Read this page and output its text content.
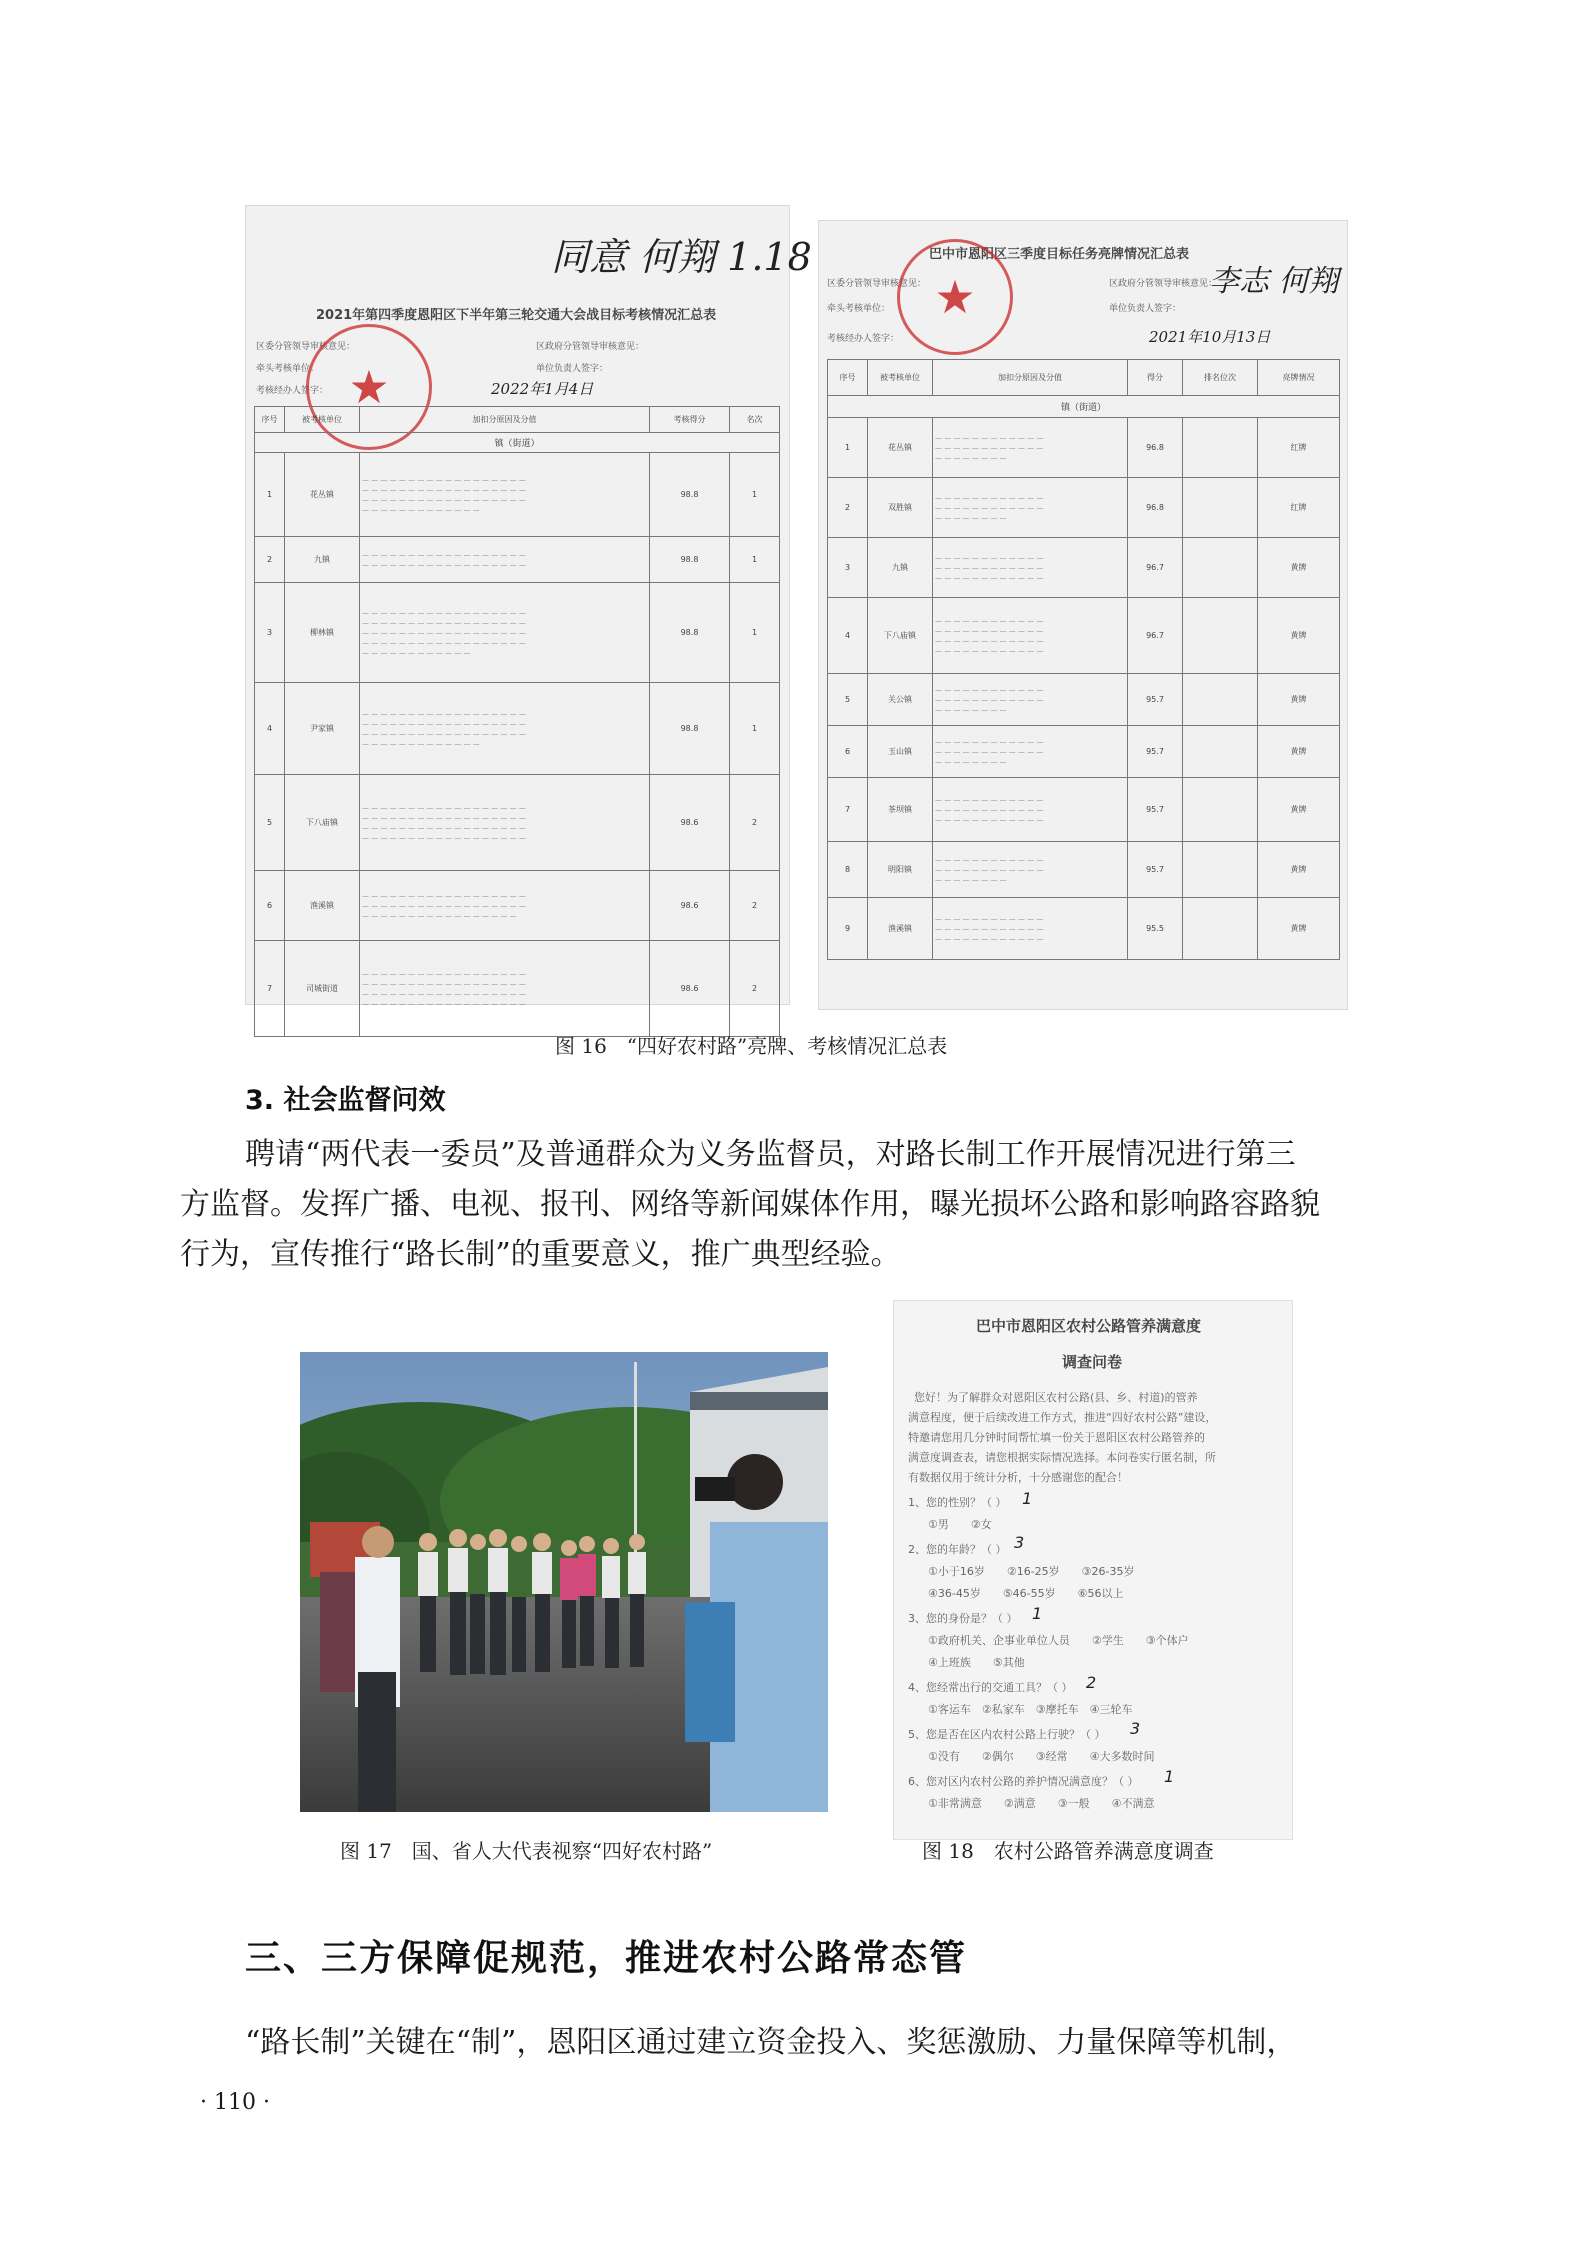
同意 何翔 1.18
2021年第四季度恩阳区下半年第三轮交通大会战目标考核情况汇总表
区委分管领导审核意见：
牵头考核单位：
考核经办人签字：
区政府分管领导审核意见：
单位负责人签字：
2022年1月4日
★
序号	被考核单位	加扣分原因及分值	考核得分	名次
镇（街道）				
1	花丛镇	— — — — — — — — — — — — — — — — — —
— — — — — — — — — — — — — — — — — —
— — — — — — — — — — — — — — — — — —
— — — — — — — — — — — — —	98.8	1
2	九镇	— — — — — — — — — — — — — — — — — —
— — — — — — — — — — — — — — — — — —	98.8	1
3	柳林镇	— — — — — — — — — — — — — — — — — —
— — — — — — — — — — — — — — — — — —
— — — — — — — — — — — — — — — — — —
— — — — — — — — — — — — — — — — — —
— — — — — — — — — — — —	98.8	1
4	尹家镇	— — — — — — — — — — — — — — — — — —
— — — — — — — — — — — — — — — — — —
— — — — — — — — — — — — — — — — — —
— — — — — — — — — — — — —	98.8	1
5	下八庙镇	— — — — — — — — — — — — — — — — — —
— — — — — — — — — — — — — — — — — —
— — — — — — — — — — — — — — — — — —
— — — — — — — — — — — — — — — — — —	98.6	2
6	渔溪镇	— — — — — — — — — — — — — — — — — —
— — — — — — — — — — — — — — — — — —
— — — — — — — — — — — — — — — — —	98.6	2
7	司城街道	— — — — — — — — — — — — — — — — — —
— — — — — — — — — — — — — — — — — —
— — — — — — — — — — — — — — — — — —
— — — — — — — — — — — — — — — — — —	98.6	2
巴中市恩阳区三季度目标任务亮牌情况汇总表
区委分管领导审核意见：
牵头考核单位：
考核经办人签字：
区政府分管领导审核意见：
单位负责人签字：
李志 何翔
2021年10月13日
★
序号	被考核单位	加扣分原因及分值	得分	排名位次	亮牌情况
镇（街道）					
1	花丛镇	— — — — — — — — — — — —
— — — — — — — — — — — —
— — — — — — — —	96.8		红牌
2	双胜镇	— — — — — — — — — — — —
— — — — — — — — — — — —
— — — — — — — —	96.8		红牌
3	九镇	— — — — — — — — — — — —
— — — — — — — — — — — —
— — — — — — — — — — — —	96.7		黄牌
4	下八庙镇	— — — — — — — — — — — —
— — — — — — — — — — — —
— — — — — — — — — — — —
— — — — — — — — — — — —	96.7		黄牌
5	关公镇	— — — — — — — — — — — —
— — — — — — — — — — — —
— — — — — — — —	95.7		黄牌
6	玉山镇	— — — — — — — — — — — —
— — — — — — — — — — — —
— — — — — — — —	95.7		黄牌
7	茶坝镇	— — — — — — — — — — — —
— — — — — — — — — — — —
— — — — — — — — — — — —	95.7		黄牌
8	明阳镇	— — — — — — — — — — — —
— — — — — — — — — — — —
— — — — — — — —	95.7		黄牌
9	渔溪镇	— — — — — — — — — — — —
— — — — — — — — — — — —
— — — — — — — — — — — —	95.5		黄牌
图 16　“四好农村路”亮牌、考核情况汇总表
3. 社会监督问效
聘请“两代表一委员”及普通群众为义务监督员，对路长制工作开展情况进行第三
方监督。发挥广播、电视、报刊、网络等新闻媒体作用，曝光损坏公路和影响路容路貌
行为，宣传推行“路长制”的重要意义，推广典型经验。
图 17　国、省人大代表视察“四好农村路”
巴中市恩阳区农村公路管养满意度
调查问卷
您好！为了解群众对恩阳区农村公路(县、乡、村道)的管养
满意程度，便于后续改进工作方式，推进“四好农村公路”建设，
特邀请您用几分钟时间帮忙填一份关于恩阳区农村公路管养的
满意度调查表，请您根据实际情况选择。本问卷实行匿名制，所
有数据仅用于统计分析，十分感谢您的配合！
1、您的性别？（ ） 1
①男　　②女
2、您的年龄？（ ） 3
①小于16岁　　②16-25岁　　③26-35岁
④36-45岁　　⑤46-55岁　　⑥56以上
3、您的身份是？（ ） 1
①政府机关、企事业单位人员　　②学生　　③个体户
④上班族　　⑤其他
4、您经常出行的交通工具？（ ） 2
①客运车　②私家车　③摩托车　④三轮车
5、您是否在区内农村公路上行驶？（ ） 3
①没有　　②偶尔　　③经常　　④大多数时间
6、您对区内农村公路的养护情况满意度？（ ） 1
①非常满意　　②满意　　③一般　　④不满意
图 18　农村公路管养满意度调查
三、三方保障促规范，推进农村公路常态管
“路长制”关键在“制”，恩阳区通过建立资金投入、奖惩激励、力量保障等机制，
· 110 ·
